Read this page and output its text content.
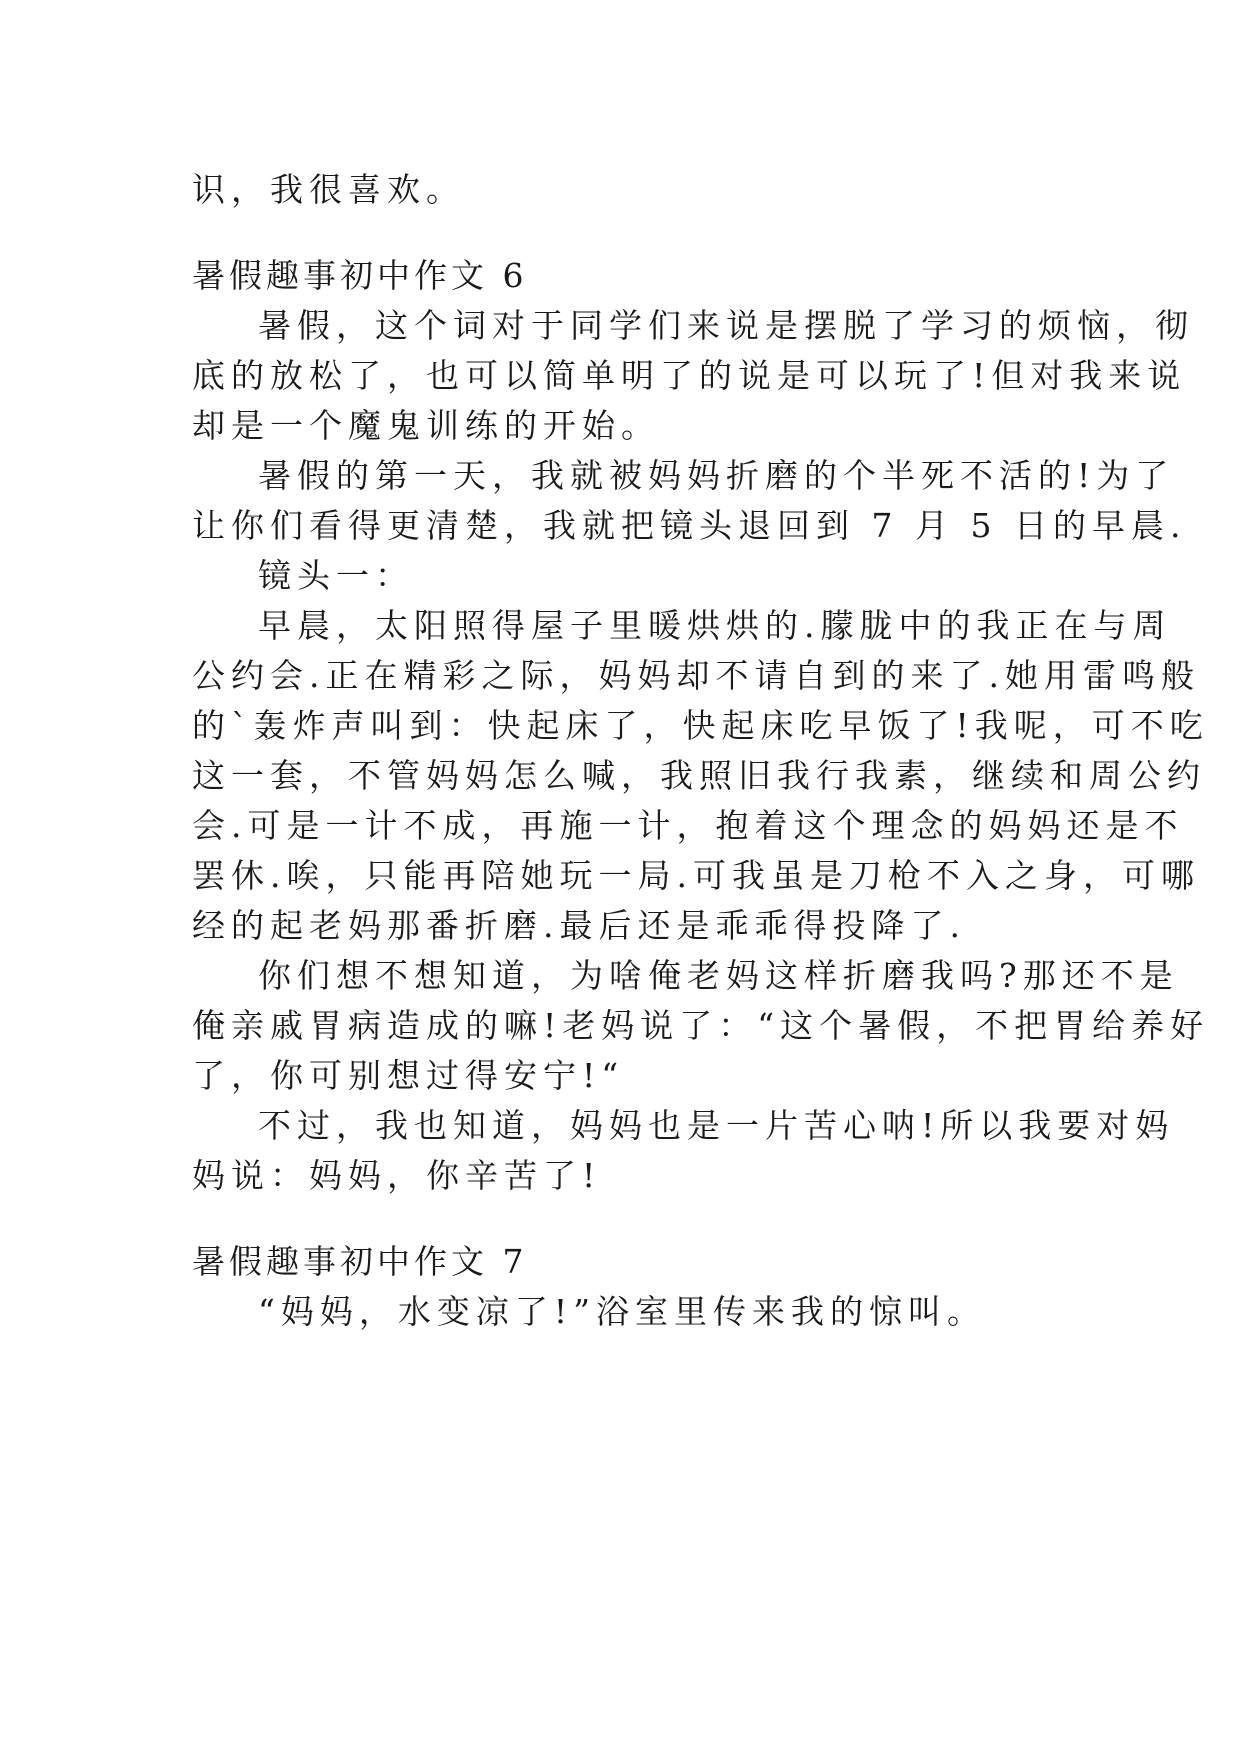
识，我很喜欢。
暑假趣事初中作文 6
暑假，这个词对于同学们来说是摆脱了学习的烦恼，彻
底的放松了，也可以简单明了的说是可以玩了!但对我来说
却是一个魔鬼训练的开始。
暑假的第一天，我就被妈妈折磨的个半死不活的!为了
让你们看得更清楚，我就把镜头退回到 7 月 5 日的早晨.
镜头一：
早晨，太阳照得屋子里暖烘烘的.朦胧中的我正在与周
公约会.正在精彩之际，妈妈却不请自到的来了.她用雷鸣般
的`轰炸声叫到：快起床了，快起床吃早饭了!我呢，可不吃
这一套，不管妈妈怎么喊，我照旧我行我素，继续和周公约
会.可是一计不成，再施一计，抱着这个理念的妈妈还是不
罢休.唉，只能再陪她玩一局.可我虽是刀枪不入之身，可哪
经的起老妈那番折磨.最后还是乖乖得投降了.
你们想不想知道，为啥俺老妈这样折磨我吗?那还不是
俺亲戚胃病造成的嘛!老妈说了：“这个暑假，不把胃给养好
了，你可别想过得安宁!“
不过，我也知道，妈妈也是一片苦心呐!所以我要对妈
妈说：妈妈，你辛苦了!
暑假趣事初中作文 7
“妈妈，水变凉了!”浴室里传来我的惊叫。
